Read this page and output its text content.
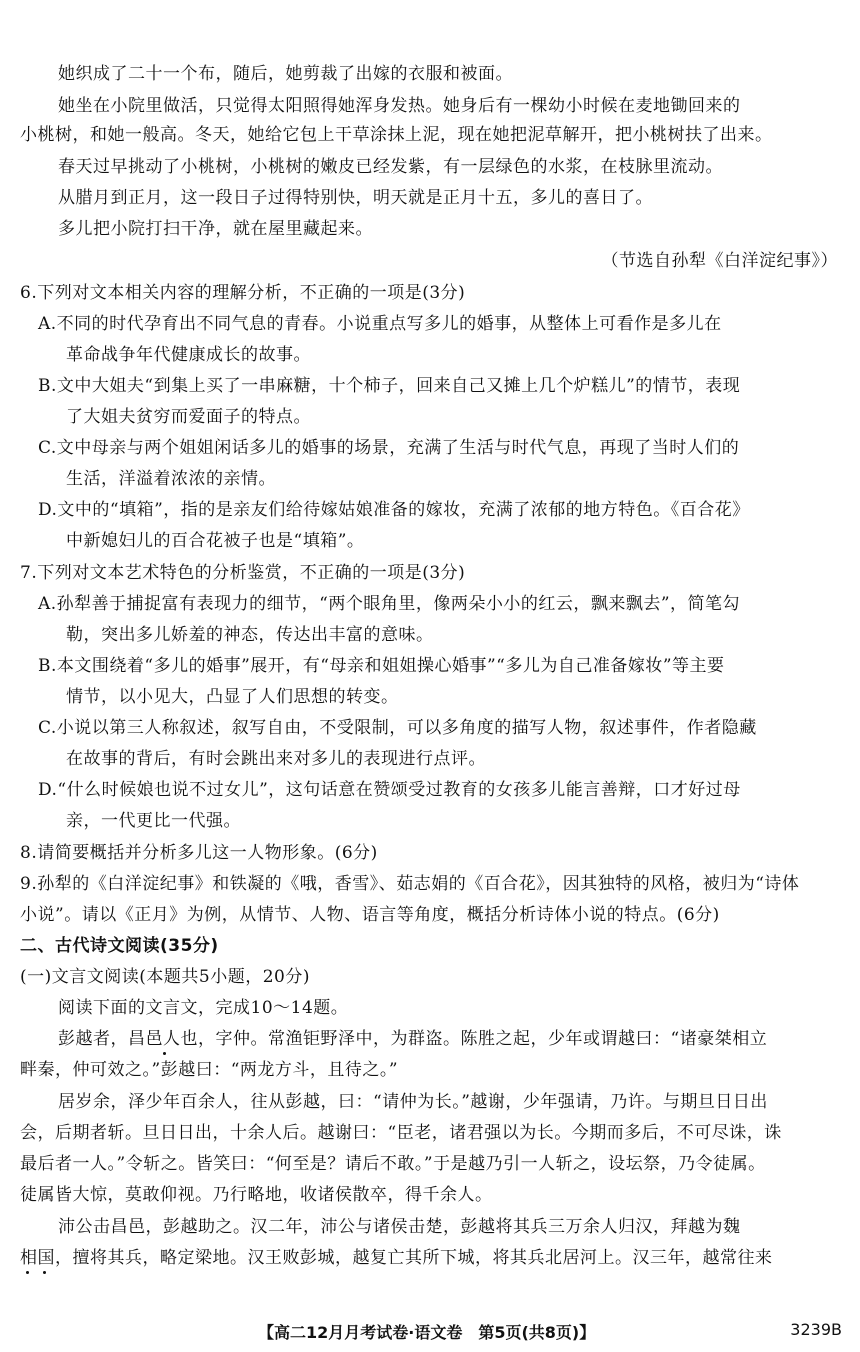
她织成了二十一个布，随后，她剪裁了出嫁的衣服和被面。
她坐在小院里做活，只觉得太阳照得她浑身发热。她身后有一棵幼小时候在麦地锄回来的
小桃树，和她一般高。冬天，她给它包上干草涂抹上泥，现在她把泥草解开，把小桃树扶了出来。
春天过早挑动了小桃树，小桃树的嫩皮已经发紫，有一层绿色的水浆，在枝脉里流动。
从腊月到正月，这一段日子过得特别快，明天就是正月十五，多儿的喜日了。
多儿把小院打扫干净，就在屋里藏起来。
（节选自孙犁《白洋淀纪事》）
6.下列对文本相关内容的理解分析，不正确的一项是(3分)
A.不同的时代孕育出不同气息的青春。小说重点写多儿的婚事，从整体上可看作是多儿在
革命战争年代健康成长的故事。
B.文中大姐夫“到集上买了一串麻糖，十个柿子，回来自己又摊上几个炉糕儿”的情节，表现
了大姐夫贫穷而爱面子的特点。
C.文中母亲与两个姐姐闲话多儿的婚事的场景，充满了生活与时代气息，再现了当时人们的
生活，洋溢着浓浓的亲情。
D.文中的“填箱”，指的是亲友们给待嫁姑娘准备的嫁妆，充满了浓郁的地方特色。《百合花》
中新媳妇儿的百合花被子也是“填箱”。
7.下列对文本艺术特色的分析鉴赏，不正确的一项是(3分)
A.孙犁善于捕捉富有表现力的细节，“两个眼角里，像两朵小小的红云，飘来飘去”，简笔勾
勒，突出多儿娇羞的神态，传达出丰富的意味。
B.本文围绕着“多儿的婚事”展开，有“母亲和姐姐操心婚事”“多儿为自己准备嫁妆”等主要
情节，以小见大，凸显了人们思想的转变。
C.小说以第三人称叙述，叙写自由，不受限制，可以多角度的描写人物，叙述事件，作者隐藏
在故事的背后，有时会跳出来对多儿的表现进行点评。
D.“什么时候娘也说不过女儿”，这句话意在赞颂受过教育的女孩多儿能言善辩，口才好过母
亲，一代更比一代强。
8.请简要概括并分析多儿这一人物形象。(6分)
9.孙犁的《白洋淀纪事》和铁凝的《哦，香雪》、茹志娟的《百合花》，因其独特的风格，被归为“诗体
小说”。请以《正月》为例，从情节、人物、语言等角度，概括分析诗体小说的特点。(6分)
二、古代诗文阅读(35分)
(一)文言文阅读(本题共5小题，20分)
阅读下面的文言文，完成10～14题。
彭越者，昌邑人也，字仲。常渔钜野泽中，为群盗。陈胜之起，少年或谓越曰：“诸豪桀相立
畔秦，仲可效之。”彭越曰：“两龙方斗，且待之。”
居岁余，泽少年百余人，往从彭越，曰：“请仲为长。”越谢，少年强请，乃许。与期旦日日出
会，后期者斩。旦日日出，十余人后。越谢曰：“臣老，诸君强以为长。今期而多后，不可尽诛，诛
最后者一人。”令斩之。皆笑曰：“何至是？请后不敢。”于是越乃引一人斩之，设坛祭，乃令徒属。
徒属皆大惊，莫敢仰视。乃行略地，收诸侯散卒，得千余人。
沛公击昌邑，彭越助之。汉二年，沛公与诸侯击楚，彭越将其兵三万余人归汉，拜越为魏
相国，擅将其兵，略定梁地。汉王败彭城，越复亡其所下城，将其兵北居河上。汉三年，越常往来
【高二12月月考试卷·语文卷　第5页(共8页)】	3239B
